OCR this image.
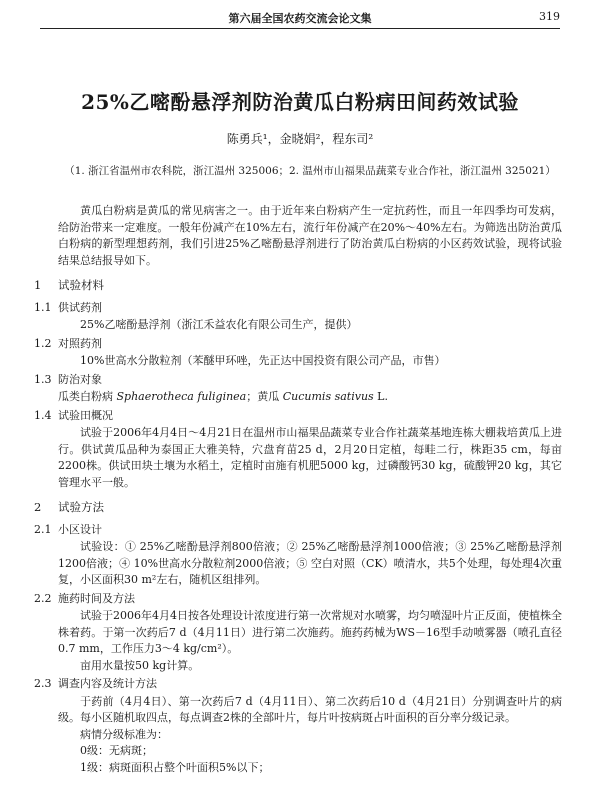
第六届全国农药交流会论文集	319
25%乙嘧酚悬浮剂防治黄瓜白粉病田间药效试验
陈勇兵¹，金晓娟²，程东司²
（1. 浙江省温州市农科院，浙江温州 325006；2. 温州市山福果品蔬菜专业合作社，浙江温州 325021）

黄瓜白粉病是黄瓜的常见病害之一。由于近年来白粉病产生一定抗药性，而且一年四季均可发病，给防治带来一定难度。一般年份减产在10%左右，流行年份减产在20%～40%左右。为筛选出防治黄瓜白粉病的新型理想药剂，我们引进25%乙嘧酚悬浮剂进行了防治黄瓜白粉病的小区药效试验，现将试验结果总结报导如下。

1 试验材料
1.1 供试药剂

25%乙嘧酚悬浮剂（浙江禾益农化有限公司生产，提供）

1.2 对照药剂

10%世高水分散粒剂（苯醚甲环唑，先正达中国投资有限公司产品，市售）

1.3 防治对象

瓜类白粉病 Sphaerotheca fuliginea；黄瓜 Cucumis sativus L.

1.4 试验田概况

试验于2006年4月4日～4月21日在温州市山福果品蔬菜专业合作社蔬菜基地连栋大棚栽培黄瓜上进行。供试黄瓜品种为泰国正大雅美特，穴盘育苗25 d，2月20日定植，每畦二行，株距35 cm，每亩2200株。供试田块土壤为水稻土，定植时亩施有机肥5000 kg，过磷酸钙30 kg，硫酸钾20 kg，其它管理水平一般。

2 试验方法
2.1 小区设计

试验设：① 25%乙嘧酚悬浮剂800倍液；② 25%乙嘧酚悬浮剂1000倍液；③ 25%乙嘧酚悬浮剂1200倍液；④ 10%世高水分散粒剂2000倍液；⑤ 空白对照（CK）喷清水，共5个处理，每处理4次重复，小区面积30 m²左右，随机区组排列。

2.2 施药时间及方法

试验于2006年4月4日按各处理设计浓度进行第一次常规对水喷雾，均匀喷湿叶片正反面，使植株全株着药。于第一次药后7 d（4月11日）进行第二次施药。施药药械为WS－16型手动喷雾器（喷孔直径0.7 mm，工作压力3～4 kg/cm²）。

亩用水量按50 kg计算。

2.3 调查内容及统计方法

于药前（4月4日）、第一次药后7 d（4月11日）、第二次药后10 d（4月21日）分别调查叶片的病级。每小区随机取四点，每点调查2株的全部叶片，每片叶按病斑占叶面积的百分率分级记录。

病情分级标准为：

0级：无病斑；

1级：病斑面积占整个叶面积5%以下；
